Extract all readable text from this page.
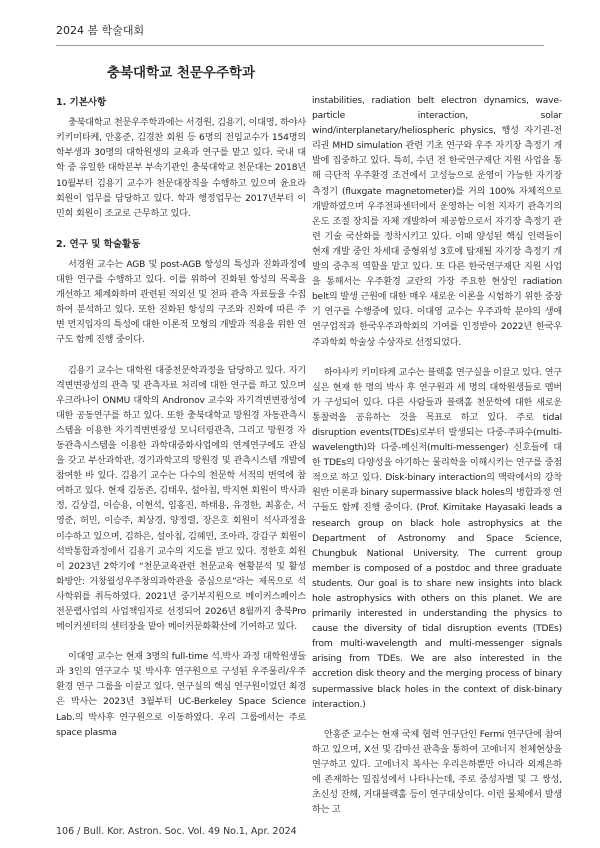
2024 봄 학술대회
충북대학교 천문우주학과
1. 기본사항

충북대학교 천문우주학과에는 서경원, 김용기, 이대영, 하야사키키미타케, 안홍준, 김경찬 회원 등 6명의 전임교수가 154명의 학부생과 30명의 대학원생의 교육과 연구를 맡고 있다. 국내 대학 중 유일한 대학본부 부속기관인 충북대학교 천문대는 2018년 10월부터 김용기 교수가 천문대장직을 수행하고 있으며 윤요라 회원이 업무를 담당하고 있다. 학과 행정업무는 2017년부터 이민희 회원이 조교로 근무하고 있다.

2. 연구 및 학술활동

서경원 교수는 AGB 및 post-AGB 항성의 특성과 진화과정에 대한 연구를 수행하고 있다. 이를 위하여 진화된 항성의 목록을 개선하고 체계화하며 관련된 적외선 및 전파 관측 자료들을 수집하여 분석하고 있다. 또한 진화된 항성의 구조와 진화에 따른 주변 먼지입자의 특성에 대한 이론적 모형의 개발과 적용을 위한 연구도 함께 진행 중이다.

김용기 교수는 대학원 대중천문학과정을 담당하고 있다. 자기격변변광성의 관측 및 관측자료 처리에 대한 연구를 하고 있으며 우크라나이 ONMU 대학의 Andronov 교수와 자기격변변광성에 대한 공동연구를 하고 있다. 또한 충북대학교 망원경 자동관측시스템을 이용한 자기격변변광성 모니터링관측, 그리고 망원경 자동관측시스템을 이용한 과학대중화사업에의 연계연구에도 관심을 갖고 부산과학관, 경기과학고의 망원경 및 관측시스템 개발에 참여한 바 있다. 김용기 교수는 다수의 천문학 서적의 번역에 참여하고 있다. 현재 김동존, 김태우, 설아침, 박지현 회원이 박사과정, 김상걸, 이승용, 이현석, 임홍진, 하태용, 유경한, 최홍순, 서영준, 허민, 이승주, 최상경, 양정렬, 장은호 회원이 석사과정을 이수하고 있으며, 김하은, 설아침, 김혜민, 조아라, 강갑구 회원이 석박통합과정에서 김용기 교수의 지도를 받고 있다. 정한호 회원이 2023년 2학기에 “천문교육관련 천문교육 현황분석 및 활성화방안: 거창월성우주창의과학관을 중심으로”라는 제목으로 석사학위를 취득하였다. 2021년 중기부지원으로 메이커스페이스 전문랩사업의 사업책임자로 선정되어 2026년 8월까지 충북Pro메이커센터의 센터장을 맡아 메이커문화확산에 기여하고 있다.

이대영 교수는 현재 3명의 full-time 석.박사 과정 대학원생들과 3인의 연구교수 및 박사후 연구원으로 구성된 우주물리/우주환경 연구 그룹을 이끌고 있다. 연구실의 핵심 연구원이었던 최경은 박사는 2023년 3월부터 UC-Berkeley Space Science Lab.의 박사후 연구원으로 이동하였다. 우리 그룹에서는 주로 space plasma

instabilities, radiation belt electron dynamics, wave-particle interaction, solar wind/interplanetary/heliospheric physics, 행성 자기권-전리권 MHD simulation 관련 기초 연구와 우주 자기장 측정기 개발에 집중하고 있다. 특히, 수년 전 한국연구재단 지원 사업을 통해 극단적 우주환경 조건에서 고성능으로 운영이 가능한 자기장 측정기 (fluxgate magnetometer)를 거의 100% 자체적으로 개발하였으며 우주전파센터에서 운영하는 이천 지자기 관측기의 온도 조절 장치를 자체 개발하여 제공함으로서 자기장 측정기 관련 기술 국산화를 정착시키고 있다. 이때 양성된 핵심 인력들이 현재 개발 중인 차세대 중형위성 3호에 탑재될 자기장 측정기 개발의 중추적 역할을 맡고 있다. 또 다른 한국연구재단 지원 사업을 통해서는 우주환경 교란의 가장 주요한 현상인 radiation belt의 발생 근원에 대한 매우 새로운 이론을 시험하기 위한 중장기 연구를 수행중에 있다. 이대영 교수는 우주과학 분야의 생애 연구업적과 한국우주과학회의 기여를 인정받아 2022년 한국우주과학회 학술상 수상자로 선정되었다.

하야사키 키미타케 교수는 블랙홀 연구실을 이끌고 있다. 연구실은 현재 한 명의 박사 후 연구원과 세 명의 대학원생들로 멤버가 구성되어 있다. 다른 사람들과 블랙홀 천문학에 대한 새로운 통찰력을 공유하는 것을 목표로 하고 있다. 주로 tidal disruption events(TDEs)로부터 발생되는 다중-주파수(multi-wavelength)와 다중-메신저(multi-messenger) 신호들에 대한 TDEs의 다양성을 야기하는 물리학을 이해시키는 연구를 중점적으로 하고 있다. Disk-binary interaction의 맥락에서의 강착원반 이론과 binary supermassive black holes의 병합과정 연구들도 함께 진행 중이다. (Prof. Kimitake Hayasaki leads a research group on black hole astrophysics at the Department of Astronomy and Space Science, Chungbuk National University. The current group member is composed of a postdoc and three graduate students. Our goal is to share new insights into black hole astrophysics with others on this planet. We are primarily interested in understanding the physics to cause the diversity of tidal disruption events (TDEs) from multi-wavelength and multi-messenger signals arising from TDEs. We are also interested in the accretion disk theory and the merging process of binary supermassive black holes in the context of disk-binary interaction.)

안홍준 교수는 현재 국제 협력 연구단인 Fermi 연구단에 참여하고 있으며, X선 및 감마선 관측을 통하여 고에너지 천체현상을 연구하고 있다. 고에너지 복사는 우리은하뿐만 아니라 외계은하에 존재하는 밀집성에서 나타나는데, 주로 중성자별 및 그 쌍성, 초신성 잔해, 거대블랙홀 등이 연구대상이다. 이런 물체에서 발생하는 고

106 / Bull. Kor. Astron. Soc. Vol. 49 No.1, Apr. 2024
